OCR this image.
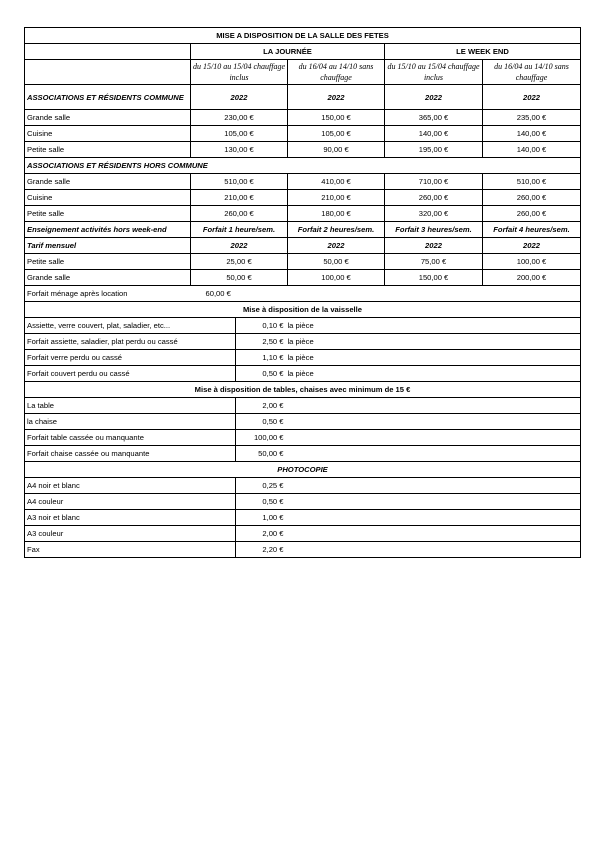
MISE A DISPOSITION DE LA SALLE DES FETES				
	LA JOURNÉE		LE WEEK END	
	du 15/10 au 15/04 chauffage inclus	du 16/04 au 14/10 sans chauffage	du 15/10 au 15/04 chauffage inclus	du 16/04 au 14/10 sans chauffage
ASSOCIATIONS ET RÉSIDENTS COMMUNE	2022	2022	2022	2022
Grande salle	230,00 €	150,00 €	365,00 €	235,00 €
Cuisine	105,00 €	105,00 €	140,00 €	140,00 €
Petite salle	130,00 €	90,00 €	195,00 €	140,00 €
ASSOCIATIONS ET RÉSIDENTS HORS COMMUNE				
Grande salle	510,00 €	410,00 €	710,00 €	510,00 €
Cuisine	210,00 €	210,00 €	260,00 €	260,00 €
Petite salle	260,00 €	180,00 €	320,00 €	260,00 €
Enseignement activités hors week-end	Forfait 1 heure/sem.	Forfait 2 heures/sem.	Forfait 3 heures/sem.	Forfait 4 heures/sem.
Tarif mensuel	2022	2022	2022	2022
Petite salle	25,00 €	50,00 €	75,00 €	100,00 €
Grande salle	50,00 €	100,00 €	150,00 €	200,00 €
Forfait ménage après location	60,00 €			
Mise à disposition de la vaisselle		
Assiette, verre couvert, plat, saladier, etc...	0,10 €	la pièce
Forfait assiette, saladier, plat perdu ou cassé	2,50 €	la pièce
Forfait verre perdu ou cassé	1,10 €	la pièce
Forfait couvert perdu ou cassé	0,50 €	la pièce
Mise à disposition de tables, chaises avec minimum de 15 €		
La table	2,00 €	
la chaise	0,50 €	
Forfait table cassée ou manquante	100,00 €	
Forfait chaise cassée ou manquante	50,00 €	
PHOTOCOPIE		
A4 noir et blanc	0,25 €	
A4 couleur	0,50 €	
A3 noir et blanc	1,00 €	
A3 couleur	2,00 €	
Fax	2,20 €	
